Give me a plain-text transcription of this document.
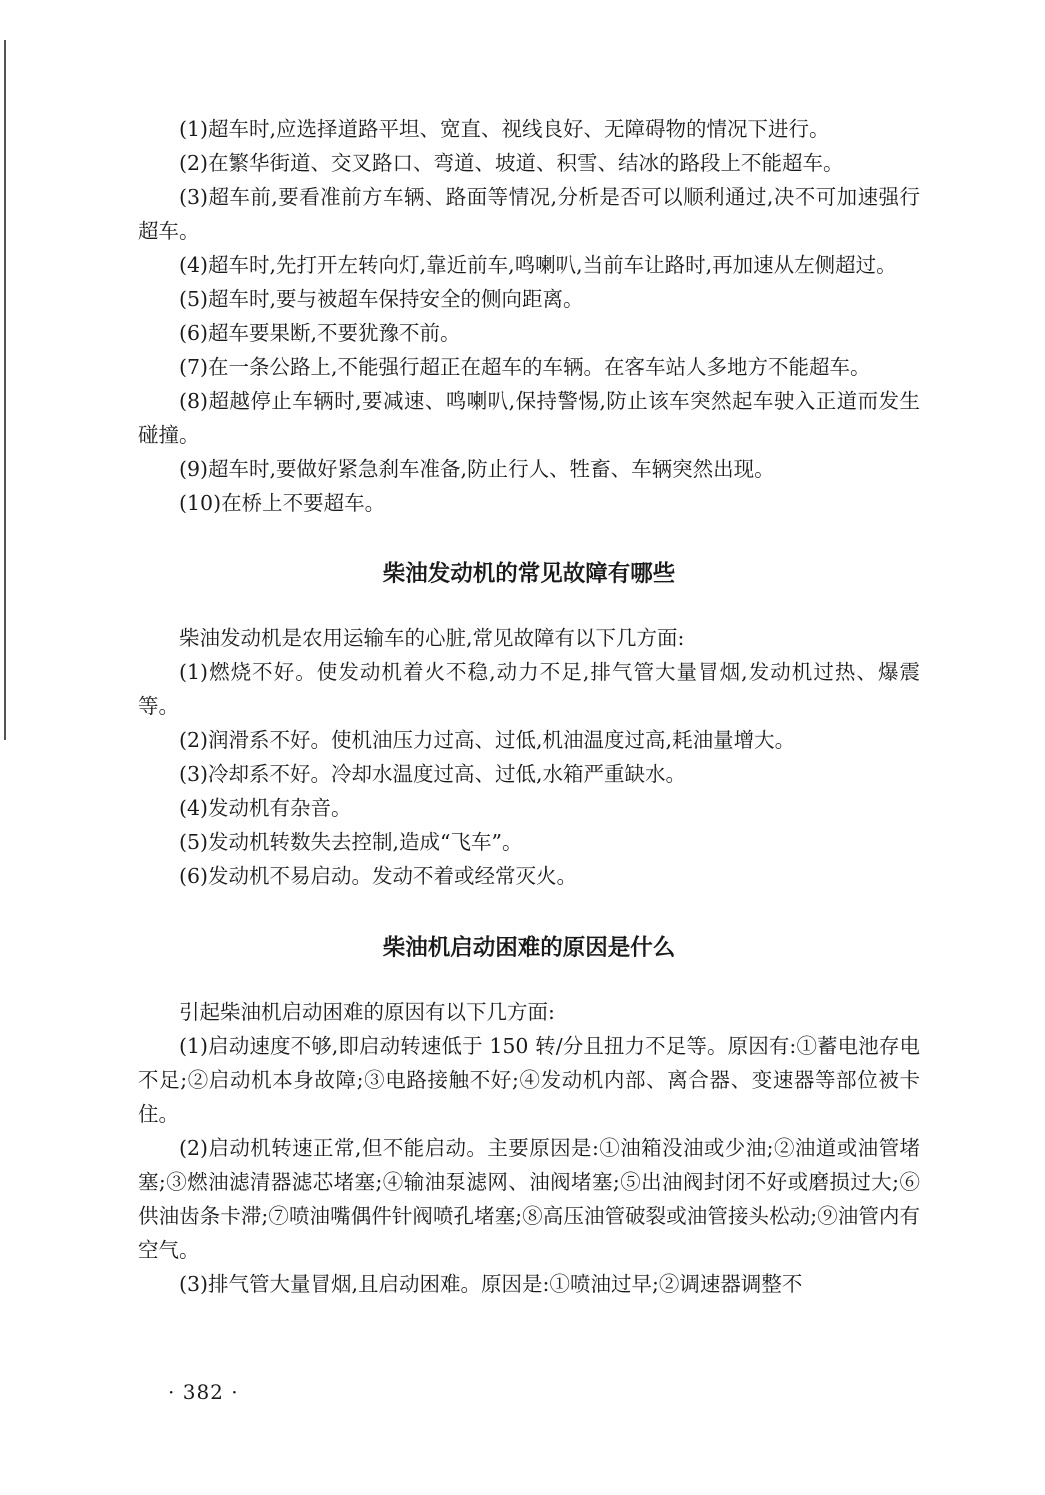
(1)超车时,应选择道路平坦、宽直、视线良好、无障碍物的情况下进行。

(2)在繁华街道、交叉路口、弯道、坡道、积雪、结冰的路段上不能超车。

(3)超车前,要看准前方车辆、路面等情况,分析是否可以顺利通过,决不可加速强行超车。

(4)超车时,先打开左转向灯,靠近前车,鸣喇叭,当前车让路时,再加速从左侧超过。

(5)超车时,要与被超车保持安全的侧向距离。

(6)超车要果断,不要犹豫不前。

(7)在一条公路上,不能强行超正在超车的车辆。在客车站人多地方不能超车。

(8)超越停止车辆时,要减速、鸣喇叭,保持警惕,防止该车突然起车驶入正道而发生碰撞。

(9)超车时,要做好紧急刹车准备,防止行人、牲畜、车辆突然出现。

(10)在桥上不要超车。

柴油发动机的常见故障有哪些

柴油发动机是农用运输车的心脏,常见故障有以下几方面:

(1)燃烧不好。使发动机着火不稳,动力不足,排气管大量冒烟,发动机过热、爆震等。

(2)润滑系不好。使机油压力过高、过低,机油温度过高,耗油量增大。

(3)冷却系不好。冷却水温度过高、过低,水箱严重缺水。

(4)发动机有杂音。

(5)发动机转数失去控制,造成“飞车”。

(6)发动机不易启动。发动不着或经常灭火。

柴油机启动困难的原因是什么

引起柴油机启动困难的原因有以下几方面:

(1)启动速度不够,即启动转速低于 150 转/分且扭力不足等。原因有:①蓄电池存电不足;②启动机本身故障;③电路接触不好;④发动机内部、离合器、变速器等部位被卡住。

(2)启动机转速正常,但不能启动。主要原因是:①油箱没油或少油;②油道或油管堵塞;③燃油滤清器滤芯堵塞;④输油泵滤网、油阀堵塞;⑤出油阀封闭不好或磨损过大;⑥供油齿条卡滞;⑦喷油嘴偶件针阀喷孔堵塞;⑧高压油管破裂或油管接头松动;⑨油管内有空气。

(3)排气管大量冒烟,且启动困难。原因是:①喷油过早;②调速器调整不

· 382 ·
